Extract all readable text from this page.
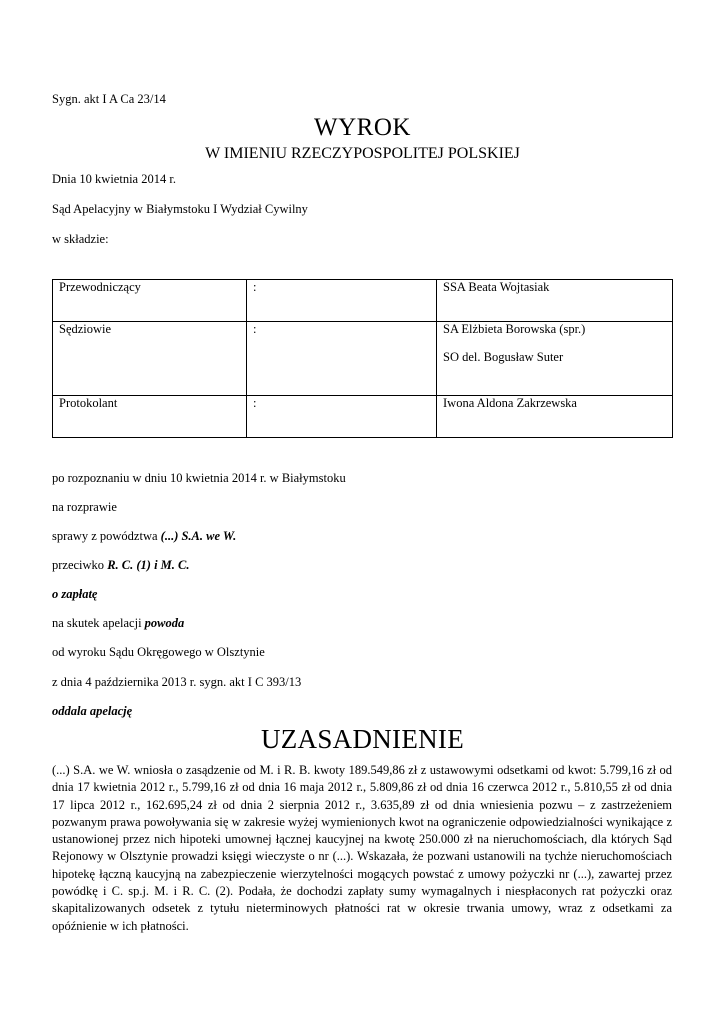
Sygn. akt I A Ca 23/14
WYROK
W IMIENIU RZECZYPOSPOLITEJ POLSKIEJ
Dnia 10 kwietnia 2014 r.
Sąd Apelacyjny w Białymstoku I Wydział Cywilny
w składzie:
Przewodniczący	:	SSA Beata Wojtasiak

Sędziowie	:	SA Elżbieta Borowska (spr.)
SO del. Bogusław Suter

Protokolant	:	Iwona Aldona Zakrzewska
po rozpoznaniu w dniu 10 kwietnia 2014 r. w Białymstoku
na rozprawie
sprawy z powództwa (...) S.A. we W.
przeciwko R. C. (1) i M. C.
o zapłatę
na skutek apelacji powoda
od wyroku Sądu Okręgowego w Olsztynie
z dnia 4 października 2013 r. sygn. akt I C 393/13
oddala apelację
UZASADNIENIE
(...) S.A. we W. wniosła o zasądzenie od M. i R. B. kwoty 189.549,86 zł z ustawowymi odsetkami od kwot: 5.799,16 zł od dnia 17 kwietnia 2012 r., 5.799,16 zł od dnia 16 maja 2012 r., 5.809,86 zł od dnia 16 czerwca 2012 r., 5.810,55 zł od dnia 17 lipca 2012 r., 162.695,24 zł od dnia 2 sierpnia 2012 r., 3.635,89 zł od dnia wniesienia pozwu – z zastrzeżeniem pozwanym prawa powoływania się w zakresie wyżej wymienionych kwot na ograniczenie odpowiedzialności wynikające z ustanowionej przez nich hipoteki umownej łącznej kaucyjnej na kwotę 250.000 zł na nieruchomościach, dla których Sąd Rejonowy w Olsztynie prowadzi księgi wieczyste o nr (...). Wskazała, że pozwani ustanowili na tychże nieruchomościach hipotekę łączną kaucyjną na zabezpieczenie wierzytelności mogących powstać z umowy pożyczki nr (...), zawartej przez powódkę i C. sp.j. M. i R. C. (2). Podała, że dochodzi zapłaty sumy wymagalnych i niespłaconych rat pożyczki oraz skapitalizowanych odsetek z tytułu nieterminowych płatności rat w okresie trwania umowy, wraz z odsetkami za opóźnienie w ich płatności.
